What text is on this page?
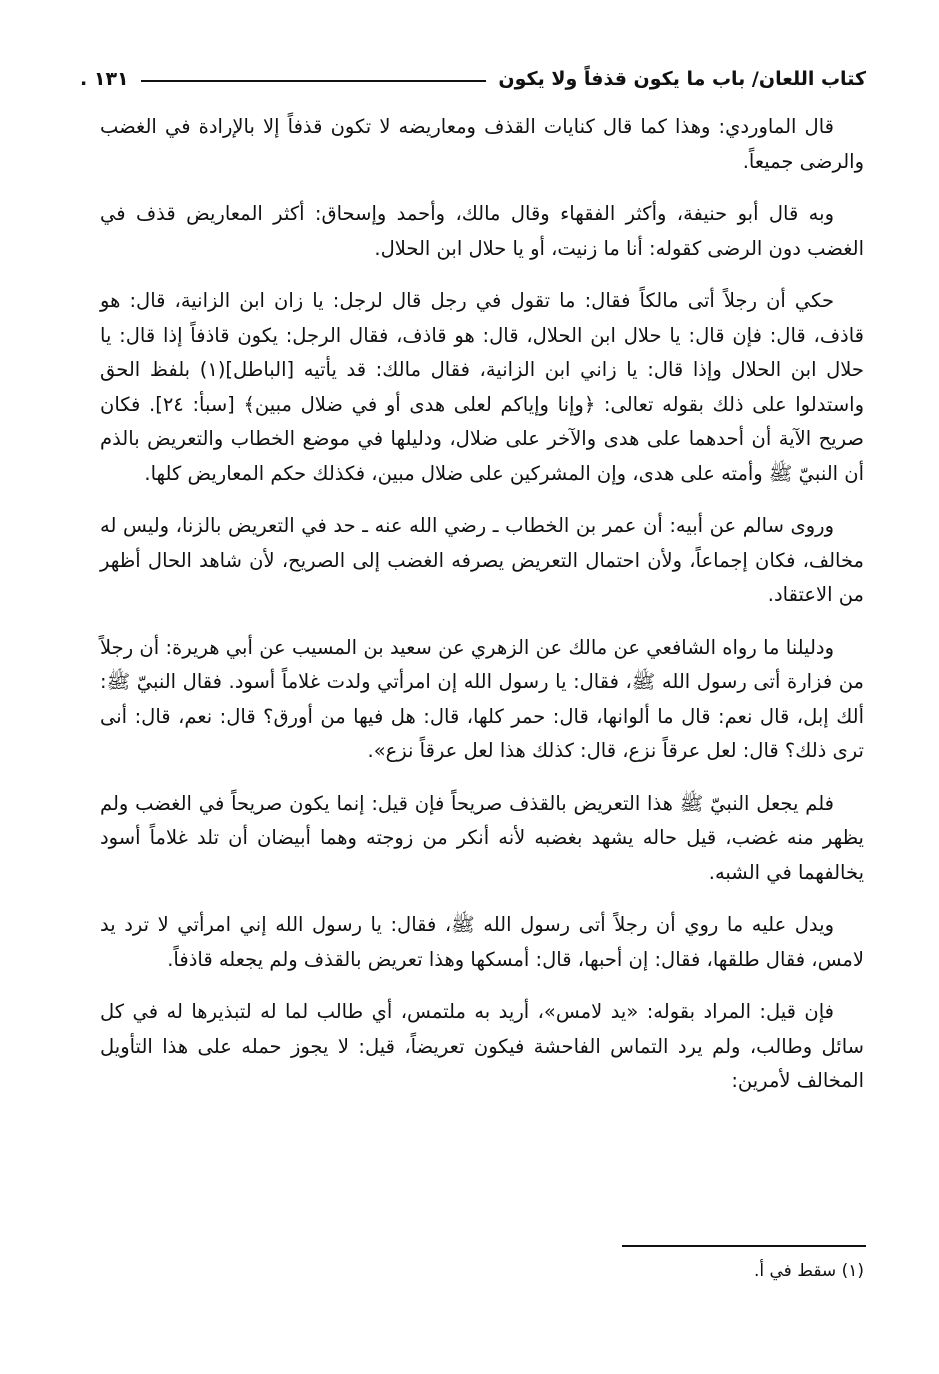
كتاب اللعان/ باب ما يكون قذفاً ولا يكون
١٣١ .

قال الماوردي: وهذا كما قال كنايات القذف ومعاريضه لا تكون قذفاً إلا بالإرادة في الغضب والرضى جميعاً.

وبه قال أبو حنيفة، وأكثر الفقهاء وقال مالك، وأحمد وإسحاق: أكثر المعاريض قذف في الغضب دون الرضى كقوله: أنا ما زنيت، أو يا حلال ابن الحلال.

حكي أن رجلاً أتى مالكاً فقال: ما تقول في رجل قال لرجل: يا زان ابن الزانية، قال: هو قاذف، قال: فإن قال: يا حلال ابن الحلال، قال: هو قاذف، فقال الرجل: يكون قاذفاً إذا قال: يا حلال ابن الحلال وإذا قال: يا زاني ابن الزانية، فقال مالك: قد يأتيه [الباطل](١) بلفظ الحق واستدلوا على ذلك بقوله تعالى: ﴿وإنا وإياكم لعلى هدى أو في ضلال مبين﴾ [سبأ: ٢٤]. فكان صريح الآية أن أحدهما على هدى والآخر على ضلال، ودليلها في موضع الخطاب والتعريض بالذم أن النبيّ ﷺ وأمته على هدى، وإن المشركين على ضلال مبين، فكذلك حكم المعاريض كلها.

وروى سالم عن أبيه: أن عمر بن الخطاب ـ رضي الله عنه ـ حد في التعريض بالزنا، وليس له مخالف، فكان إجماعاً، ولأن احتمال التعريض يصرفه الغضب إلى الصريح، لأن شاهد الحال أظهر من الاعتقاد.

ودليلنا ما رواه الشافعي عن مالك عن الزهري عن سعيد بن المسيب عن أبي هريرة: أن رجلاً من فزارة أتى رسول الله ﷺ، فقال: يا رسول الله إن امرأتي ولدت غلاماً أسود. فقال النبيّ ﷺ: ألك إبل، قال نعم: قال ما ألوانها، قال: حمر كلها، قال: هل فيها من أورق؟ قال: نعم، قال: أنى ترى ذلك؟ قال: لعل عرقاً نزع، قال: كذلك هذا لعل عرقاً نزع».

فلم يجعل النبيّ ﷺ هذا التعريض بالقذف صريحاً فإن قيل: إنما يكون صريحاً في الغضب ولم يظهر منه غضب، قيل حاله يشهد بغضبه لأنه أنكر من زوجته وهما أبيضان أن تلد غلاماً أسود يخالفهما في الشبه.

ويدل عليه ما روي أن رجلاً أتى رسول الله ﷺ، فقال: يا رسول الله إني امرأتي لا ترد يد لامس، فقال طلقها، فقال: إن أحبها، قال: أمسكها وهذا تعريض بالقذف ولم يجعله قاذفاً.

فإن قيل: المراد بقوله: «يد لامس»، أريد به ملتمس، أي طالب لما له لتبذيرها له في كل سائل وطالب، ولم يرد التماس الفاحشة فيكون تعريضاً، قيل: لا يجوز حمله على هذا التأويل المخالف لأمرين:

(١) سقط في أ.
